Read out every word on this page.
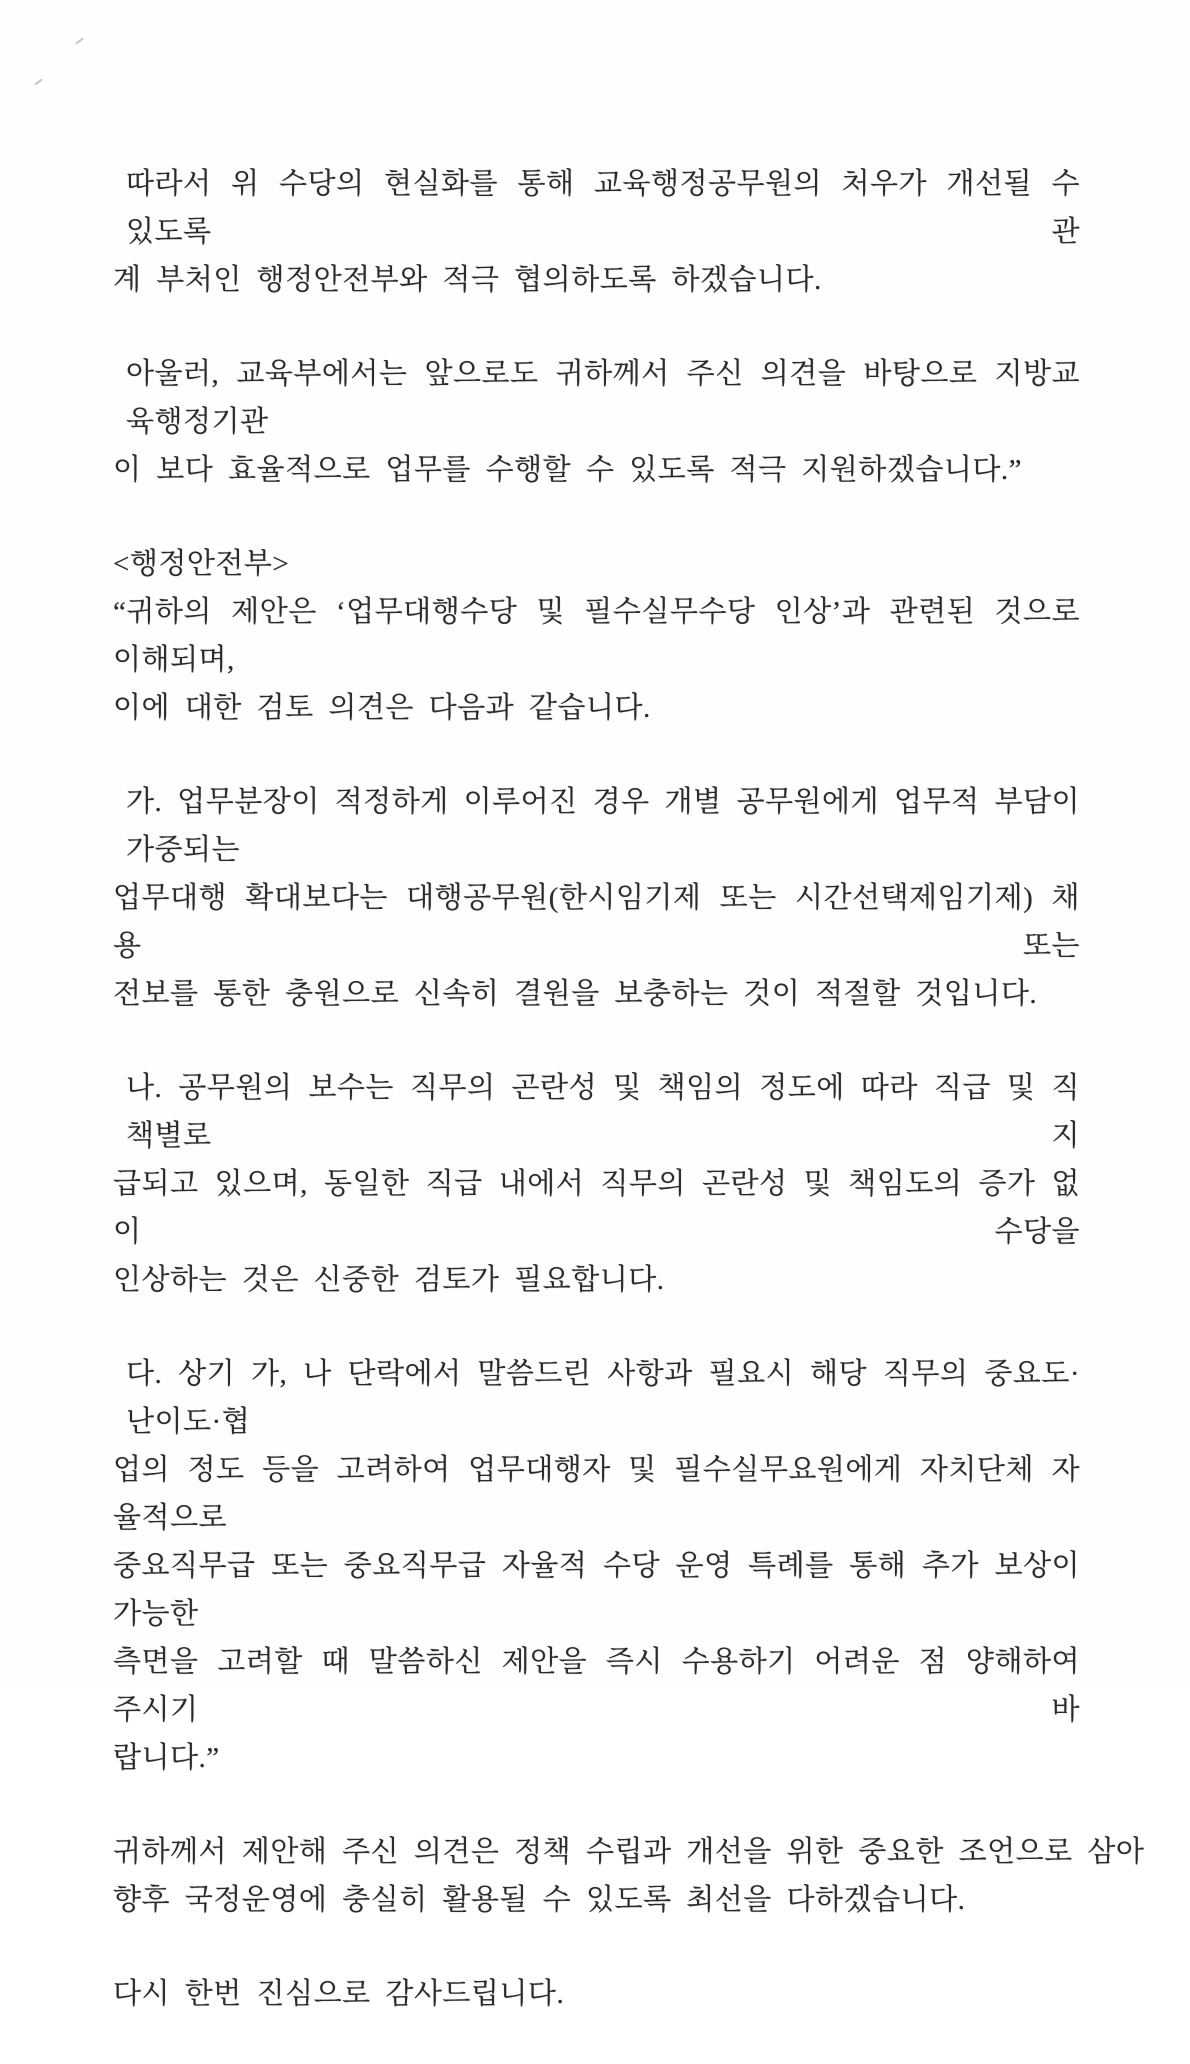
따라서 위 수당의 현실화를 통해 교육행정공무원의 처우가 개선될 수 있도록 관
계 부처인 행정안전부와 적극 협의하도록 하겠습니다.

아울러, 교육부에서는 앞으로도 귀하께서 주신 의견을 바탕으로 지방교육행정기관
이 보다 효율적으로 업무를 수행할 수 있도록 적극 지원하겠습니다.”

<행정안전부>
“귀하의 제안은 ‘업무대행수당 및 필수실무수당 인상’과 관련된 것으로 이해되며,
이에 대한 검토 의견은 다음과 같습니다.

가. 업무분장이 적정하게 이루어진 경우 개별 공무원에게 업무적 부담이 가중되는
업무대행 확대보다는 대행공무원(한시임기제 또는 시간선택제임기제) 채용 또는
전보를 통한 충원으로 신속히 결원을 보충하는 것이 적절할 것입니다.

나. 공무원의 보수는 직무의 곤란성 및 책임의 정도에 따라 직급 및 직책별로 지
급되고 있으며, 동일한 직급 내에서 직무의 곤란성 및 책임도의 증가 없이 수당을
인상하는 것은 신중한 검토가 필요합니다.

다. 상기 가, 나 단락에서 말씀드린 사항과 필요시 해당 직무의 중요도·난이도·협
업의 정도 등을 고려하여 업무대행자 및 필수실무요원에게 자치단체 자율적으로
중요직무급 또는 중요직무급 자율적 수당 운영 특례를 통해 추가 보상이 가능한
측면을 고려할 때 말씀하신 제안을 즉시 수용하기 어려운 점 양해하여 주시기 바
랍니다.”

귀하께서 제안해 주신 의견은 정책 수립과 개선을 위한 중요한 조언으로 삼아
향후 국정운영에 충실히 활용될 수 있도록 최선을 다하겠습니다.

다시 한번 진심으로 감사드립니다.
